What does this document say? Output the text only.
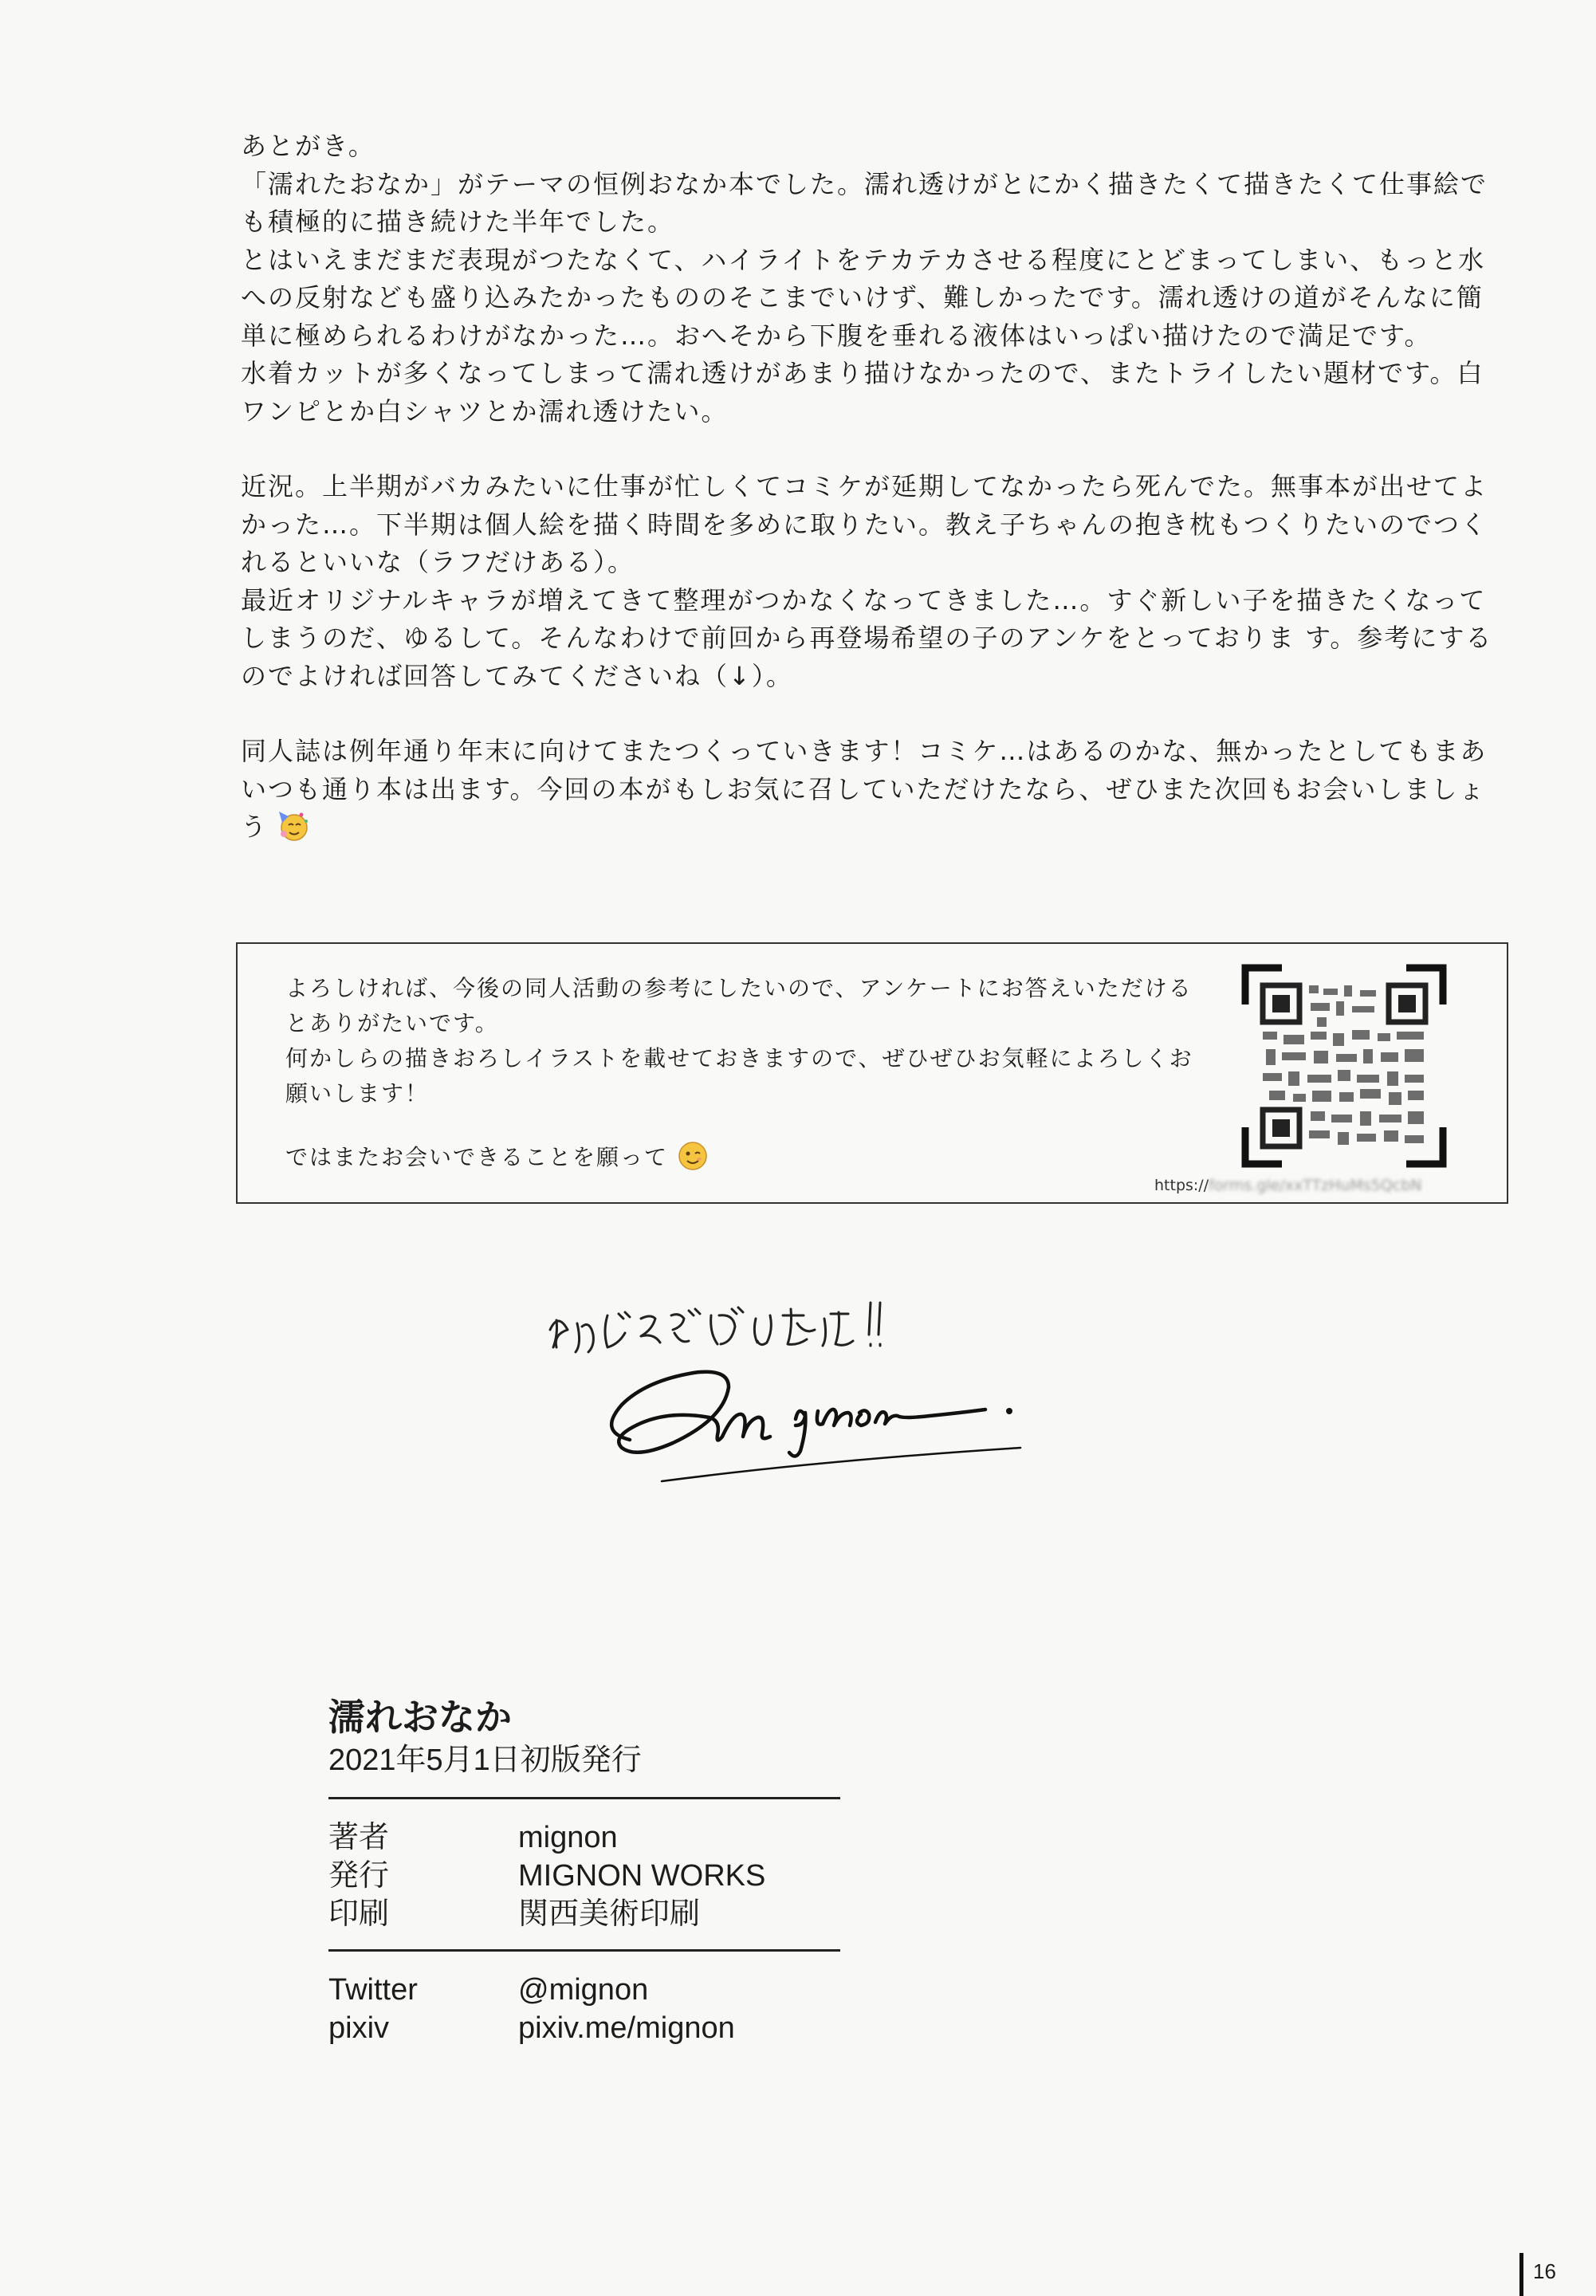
あとがき。

「濡れたおなか」がテーマの恒例おなか本でした。濡れ透けがとにかく描きたくて描きたくて仕事絵でも積極的に描き続けた半年でした。

とはいえまだまだ表現がつたなくて、ハイライトをテカテカさせる程度にとどまってしまい、もっと水への反射なども盛り込みたかったもののそこまでいけず、難しかったです。濡れ透けの道がそんなに簡単に極められるわけがなかった…。おへそから下腹を垂れる液体はいっぱい描けたので満足です。

水着カットが多くなってしまって濡れ透けがあまり描けなかったので、またトライしたい題材です。白ワンピとか白シャツとか濡れ透けたい。

近況。上半期がバカみたいに仕事が忙しくてコミケが延期してなかったら死んでた。無事本が出せてよかった…。下半期は個人絵を描く時間を多めに取りたい。教え子ちゃんの抱き枕もつくりたいのでつくれるといいな（ラフだけある）。

最近オリジナルキャラが増えてきて整理がつかなくなってきました…。すぐ新しい子を描きたくなってしまうのだ、ゆるして。そんなわけで前回から再登場希望の子のアンケをとっておりま す。参考にするのでよければ回答してみてくださいね（↓）。

同人誌は例年通り年末に向けてまたつくっていきます！コミケ…はあるのかな、無かったとしてもまあいつも通り本は出ます。今回の本がもしお気に召していただけたなら、ぜひまた次回もお会いしましょう

よろしければ、今後の同人活動の参考にしたいので、アンケートにお答えいただけるとありがたいです。

何かしらの描きおろしイラストを載せておきますので、ぜひぜひお気軽によろしくお願いします！

ではまたお会いできることを願って

https://forms.gle/xxTTzHuMs5QcbN
濡れおなか
2021年5月1日初版発行
著者	mignon
発行	MIGNON WORKS
印刷	関西美術印刷
Twitter	@mignon
pixiv	pixiv.me/mignon
16
